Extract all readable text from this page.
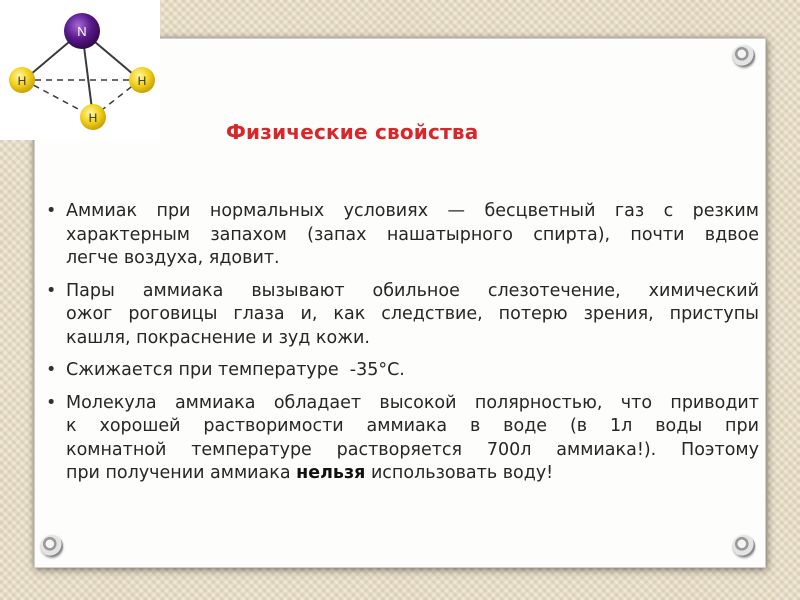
N
H	H
H
Физические свойства
• Аммиак при нормальных условиях — бесцветный газ с резким
характерным запахом (запах нашатырного спирта), почти вдвое
легче воздуха, ядовит.
• Пары аммиака вызывают обильное слезотечение, химический
ожог роговицы глаза и, как следствие, потерю зрения, приступы
кашля, покраснение и зуд кожи.
• Сжижается при температуре  -35°С.
• Молекула аммиака обладает высокой полярностью, что приводит
к хорошей растворимости аммиака в воде (в 1л воды при
комнатной температуре растворяется 700л аммиака!). Поэтому
при получении аммиака нельзя использовать воду!
